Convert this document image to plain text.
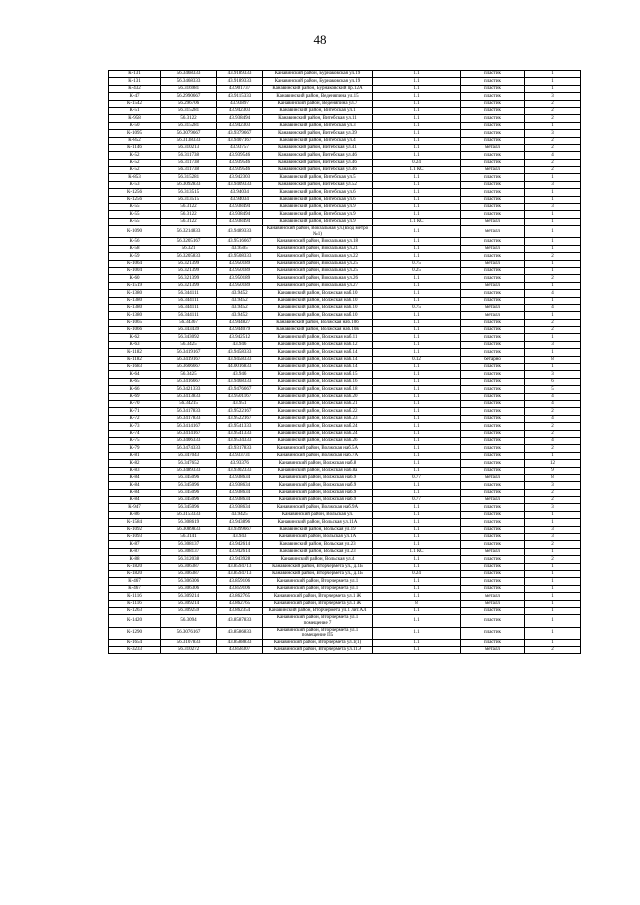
48
К-131	56.3468333	43.9189333	Канавинский район, Бурнаковская ул.19	1.1	пластик	1
К-131	56.3468333	43.9189333	Канавинский район, Бурнаковская ул.19	1.1	пластик	1
К-432	56.316981	43.901737	Канавинский район, Бурнаковский пр.12А	1.1	пластик	1
К-47	56.2990667	43.9115333	Канавинский район, Веденяпина ул.15	1.1	пластик	3
К-1542	56.296706	43.93897	Канавинский район, Веденяпина ул.7	1.1	пластик	2
К-51	56.315281	43.942303	Канавинский район, Витебская ул.1	1.1	пластик	2
К-958	56.3122	43.938494	Канавинский район, Витебская ул.11	1.1	пластик	2
К-50	56.315281	43.942303	Канавинский район, Витебская ул.3	1.1	пластик	1
К-1095	56.3079667	43.9379667	Канавинский район, Витебская ул.39	1.1	пластик	3
К-852	56.3138333	43.9407167	Канавинский район, Витебская ул.4	1.1	пластик	2
К-1146	56.310213	43.93757	Канавинский район, Витебская ул.41	1.1	металл	2
К-52	56.311738	43.939546	Канавинский район, Витебская ул.46	1.1	пластик	4
К-52	56.311738	43.939546	Канавинский район, Витебская ул.46	0.24	пластик	2
К-52	56.311738	43.939546	Канавинский район, Витебская ул.46	1.1 КС	металл	2
К-853	56.315281	43.942303	Канавинский район, Витебская ул.5	1.1	пластик	1
К-53	56.3092833	43.9409333	Канавинский район, Витебская ул.52	1.1	пластик	3
К-1256	56.313515	43.94034	Канавинский район, Витебская ул.6	1.1	пластик	1
К-1256	56.313515	43.94034	Канавинский район, Витебская ул.6	1.1	пластик	1
К-55	56.3122	43.938494	Канавинский район, Витебская ул.9	1.1	пластик	3
К-55	56.3122	43.938494	Канавинский район, Витебская ул.9	1.1	пластик	1
К-55	56.3122	43.938494	Канавинский район, Витебская ул.9	1.1 КС	металл	1
К-1090	56.3214833	43.9489333	Канавинский район, Вокзальная ул.(вход метро №1)	1.1	металл	1
К-56	56.3205167	43.9516667	Канавинский район, Вокзальная ул.18	1.1	пластик	1
К-58	56.321	43.9505	Канавинский район, Вокзальная ул.21	1.1	металл	1
К-59	56.3205833	43.9508333	Канавинский район, Вокзальная ул.22	1.1	пластик	2
К-1064	56.321399	43.950189	Канавинский район, Вокзальная ул.25	0.75	металл	1
К-1004	56.321399	43.950189	Канавинский район, Вокзальная ул.25	0.25	пластик	1
К-60	56.321399	43.950189	Канавинский район, Вокзальная ул.26	1.1	пластик	2
К-1519	56.321399	43.950189	Канавинский район, Вокзальная ул.27	1.1	металл	1
К-1380	56.344111	43.9452	Канавинский район, Волжская наб.10	1.1	пластик	4
К-1380	56.344111	43.9452	Канавинский район, Волжская наб.10	1.1	пластик	1
К-1380	56.344111	43.9452	Канавинский район, Волжская наб.10	0.75	металл	4
К-1380	56.344111	43.9452	Канавинский район, Волжская наб.10	1.1	металл	1
К-1065	56.34367	43.944827	Канавинский район, Волжская наб.10б	1.1	пластик	2
К-1066	56.343439	43.944079	Канавинский район, Волжская наб.10в	1.1	пластик	2
К-62	56.343092	43.942512	Канавинский район, Волжская наб.11	1.1	пластик	1
К-63	56.3425	43.946	Канавинский район, Волжская наб.12	1.1	пластик	3
К-1182	56.3419167	43.9458333	Канавинский район, Волжская наб.14	1.1	пластик	1
К-1182	56.3419167	43.9458333	Канавинский район, Волжская наб.14	0.12	бетарно	8
К-1683	56.3606667	44.0016833	Канавинский район, Волжская наб.14	1.1	пластик	1
К-64	56.3425	43.946	Канавинский район, Волжская наб.15	1.1	пластик	3
К-65	56.3416667	43.9468333	Канавинский район, Волжская наб.16	1.1	пластик	6
К-66	56.3421333	43.9476667	Канавинский район, Волжская наб.18	1.1	пластик	5
К-69	56.3413833	43.9501167	Канавинский район, Волжская наб.20	1.1	пластик	4
К-70	56.34215	43.951	Канавинский район, Волжская наб.21	1.1	пластик	4
К-71	56.3417833	43.9522167	Канавинский район, Волжская наб.22	1.1	пластик	2
К-72	56.3417833	43.9522167	Канавинский район, Волжская наб.23	1.1	пластик	4
К-73	56.3414167	43.9541333	Канавинский район, Волжская наб.24	1.1	пластик	2
К-74	56.3414167	43.9541333	Канавинский район, Волжская наб.24	1.1	пластик	2
К-75	56.3406333	43.9534333	Канавинский район, Волжская наб.26	1.1	пластик	4
К-79	56.3474333	43.9317833	Канавинский район, Волжская наб.5А	1.1	пластик	2
К-81	56.347043	43.933731	Канавинский район, Волжская наб.7А	1.1	пластик	1
К-82	56.347652	43.93376	Канавинский район, Волжская наб.8	1.1	пластик	12
К-83	56.3489333	43.9302333	Канавинский район, Волжская наб.8а	1.1	пластик	9
К-84	56.345096	43.938634	Канавинский район, Волжская наб.9	0.77	металл	8
К-84	56.345096	43.938634	Канавинский район, Волжская наб.9	1.1	пластик	3
К-84	56.345096	43.938634	Канавинский район, Волжская наб.9	1.1	пластик	2
К-84	56.345096	43.938634	Канавинский район, Волжская наб.9	0.77	металл	2
К-947	56.345096	43.938634	Канавинский район, Волжская наб.9А	1.1	пластик	3
К-86	56.3153333	43.9425	Канавинский район, Вольская ул.	1.1	пластик	1
К-1584	56.308619	43.943896	Канавинский район, Вольская ул.11А	1.1	пластик	1
К-1092	56.3089833	43.9399667	Канавинский район, Вольская ул.19	1.1	пластик	3
К-1093	56.3141	43.943	Канавинский район, Вольская ул.1А	1.1	пластик	3
К-87	56.308137	43.942614	Канавинский район, Вольская ул.23	1.1	пластик	2
К-87	56.308137	43.942614	Канавинский район, Вольская ул.23	1.1 КС	металл	1
К-88	56.312038	43.943928	Канавинский район, Вольская ул.4	1.1	пластик	2
К-1820	56.306387	43.8594713	Канавинский район, Вторчермета ул., д.1Б	1.1	пластик	1
К-1820	56.306387	43.8594713	Канавинский район, Вторчермета ул., д.1Б	0.24	пластик	1
К-467	56.306306	43.859106	Канавинский район, Вторчермета ул.1	1.1	пластик	1
К-467	56.306306	43.859106	Канавинский район, Вторчермета ул.1	1.1	пластик	1
К-1116	56.309214	43.862765	Канавинский район, Вторчермета ул.1 Ж	1.1	металл	1
К-1116	56.309214	43.862765	Канавинский район, Вторчермета ул.1 Ж	8	металл	1
К-1263	56.309259	43.862354	Канавинский район, Вторчермета ул.1 лит.АЛ	1.1	пластик	1
К-1420	56.3094	43.8587833	Канавинский район, Вторчермета ул.1 помещение 7	1.1	пластик	1
К-1290	56.3076167	43.8586833	Канавинский район, Вторчермета ул.1 помещение П5	1.1	пластик	1
К-1654	56.3107833	43.8588833	Канавинский район, Вторчермета ул.1(1)	1.1	пластик	1
К-3233	56.310272	43.858307	Канавинский район, Вторчермета ул.11Э	1.1	металл	2
